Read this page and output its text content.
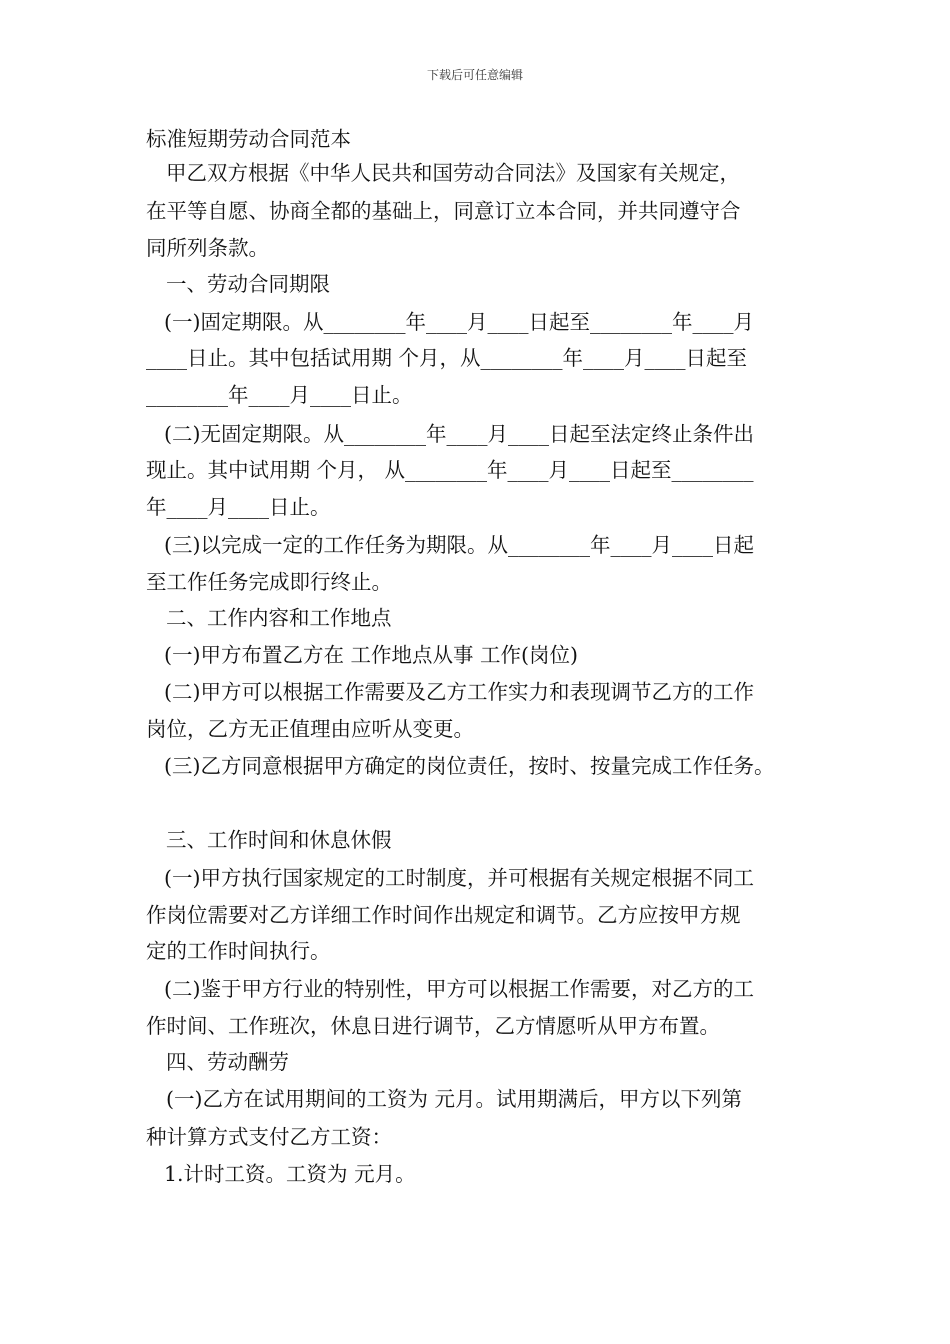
下载后可任意编辑
标准短期劳动合同范本
甲乙双方根据《中华人民共和国劳动合同法》及国家有关规定，
在平等自愿、协商全都的基础上，同意订立本合同，并共同遵守合
同所列条款。
一、劳动合同期限
(一)固定期限。从________年____月____日起至________年____月
____日止。其中包括试用期 个月，从________年____月____日起至
________年____月____日止。
(二)无固定期限。从________年____月____日起至法定终止条件出
现止。其中试用期 个月， 从________年____月____日起至________
年____月____日止。
(三)以完成一定的工作任务为期限。从________年____月____日起
至工作任务完成即行终止。
二、工作内容和工作地点
(一)甲方布置乙方在 工作地点从事 工作(岗位)
(二)甲方可以根据工作需要及乙方工作实力和表现调节乙方的工作
岗位，乙方无正值理由应听从变更。
(三)乙方同意根据甲方确定的岗位责任，按时、按量完成工作任务。
三、工作时间和休息休假
(一)甲方执行国家规定的工时制度，并可根据有关规定根据不同工
作岗位需要对乙方详细工作时间作出规定和调节。乙方应按甲方规
定的工作时间执行。
(二)鉴于甲方行业的特别性，甲方可以根据工作需要，对乙方的工
作时间、工作班次，休息日进行调节，乙方情愿听从甲方布置。
四、劳动酬劳
(一)乙方在试用期间的工资为 元月。试用期满后，甲方以下列第
种计算方式支付乙方工资：
1.计时工资。工资为 元月。
